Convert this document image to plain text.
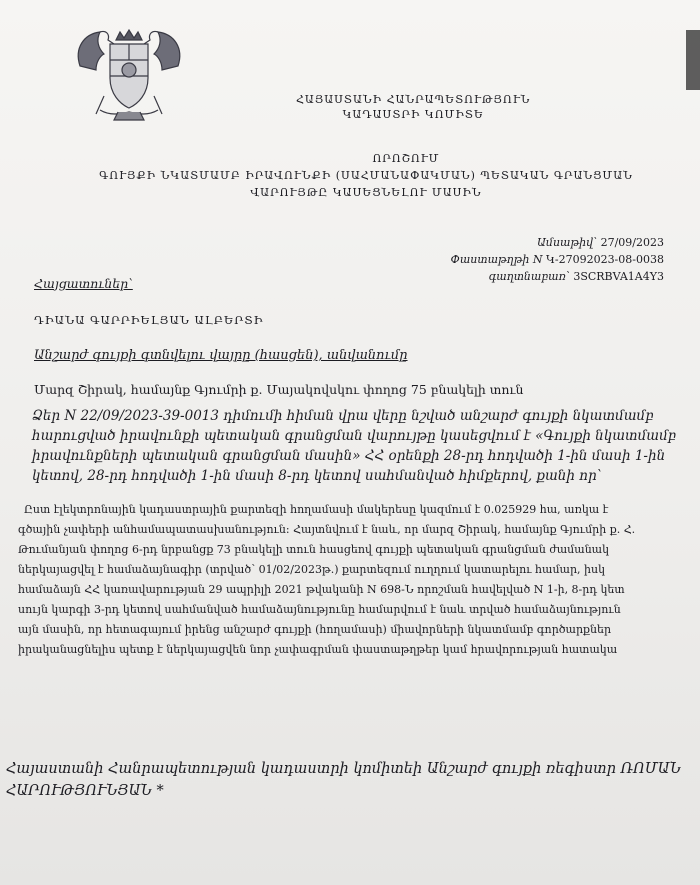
ՀԱՅԱՍՏԱՆԻ ՀԱՆՐԱՊԵՏՈՒԹՅՈՒՆ
ԿԱԴԱՍՏՐԻ ԿՈՄԻՏԵ
ՈՐՈՇՈՒՄ
ԳՈՒՅՔԻ ՆԿԱՏՄԱՄԲ ԻՐԱՎՈՒՆՔԻ (ՍԱՀՄԱՆԱՓԱԿՄԱՆ) ՊԵՏԱԿԱՆ ԳՐԱՆՑՄԱՆ
ՎԱՐՈՒՅԹԸ ԿԱՍԵՑՆԵԼՈՒ ՄԱՍԻՆ
Ամսաթիվ՝ 27/09/2023
Փաստաթղթի N Կ-27092023-08-0038
գաղտնաբառ՝ 3SCRBVA1A4Y3
Հայցատուներ՝
ԴԻԱՆԱ ԳԱՐՐԻԵԼՅԱՆ ԱԼԲԵՐՏԻ
Անշարժ գույքի գտնվելու վայրը (հասցեն), անվանումը
Մարզ Շիրակ, համայնք Գյումրի ք. Մայակովսկու փողոց 75 բնակելի տուն
Ձեր N 22/09/2023-39-0013 դիմումի հիման վրա վերը նշված անշարժ գույքի նկատմամբ
հարուցված իրավունքի պետական գրանցման վարույթը կասեցվում է «Գույքի նկատմամբ
իրավունքների պետական գրանցման մասին» ՀՀ օրենքի 28-րդ հոդվածի 1-ին մասի 1-ին
կետով, 28-րդ հոդվածի 1-ին մասի 8-րդ կետով սահմանված հիմքերով, քանի որ՝
Ըստ էլեկտրոնային կադաստրային քարտեզի հողամասի մակերեսը կազմում է 0.025929 հա, առկա է
գծային չափերի անհամապատասխանություն: Հայտնվում է նաև, որ մարզ Շիրակ, համայնք Գյումրի ք. Հ.
Թումանյան փողոց 6-րդ նրբանցք 73 բնակելի տուն հասցեով գույքի պետական գրանցման ժամանակ
ներկայացվել է համաձայնագիր (տրված՝ 01/02/2023թ.) քարտեզում ուղղում կատարելու համար, իսկ
համաձայն ՀՀ կառավարության 29 ապրիլի 2021 թվականի N 698-Ն որոշման հավելված N 1-ի, 8-րդ կետ
սույն կարգի 3-րդ կետով սահմանված համաձայնությունը համարվում է նաև տրված համաձայնություն
այն մասին, որ հետագայում իրենց անշարժ գույքի (հողամասի) միավորների նկատմամբ գործարքներ
իրականացնելիս պետք է ներկայացվեն նոր չափագրման փաստաթղթեր կամ հրավորության հատակա
Հայաստանի Հանրապետության կադաստրի կոմիտեի Անշարժ գույքի ռեգիստր ՌՈՄԱՆ
ՀԱՐՈՒԹՅՈՒՆՅԱՆ *
